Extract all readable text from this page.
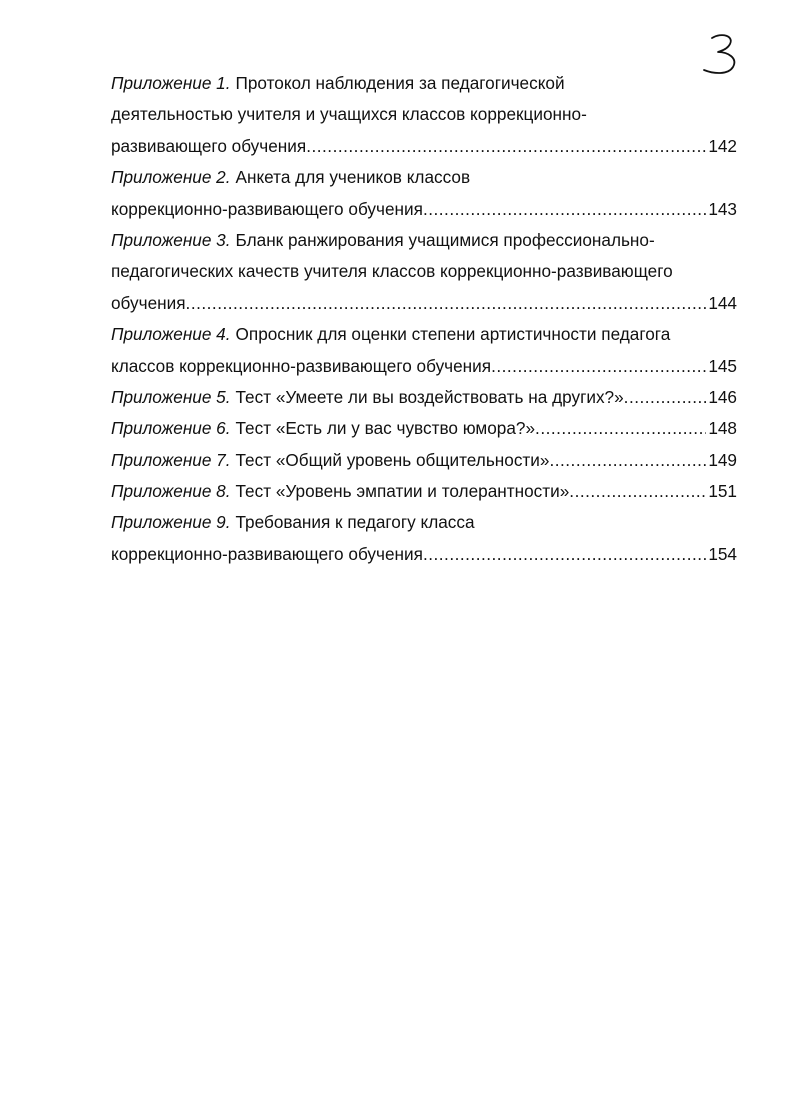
Приложение 1. Протокол наблюдения за педагогической
деятельностью учителя и учащихся классов коррекционно-
развивающего обучения .....	142
Приложение 2. Анкета для учеников классов
коррекционно-развивающего обучения .....	143
Приложение 3. Бланк ранжирования учащимися профессионально-
педагогических качеств учителя классов коррекционно-развивающего
обучения .....	144
Приложение 4. Опросник для оценки степени артистичности педагога
классов коррекционно-развивающего обучения .....	145
Приложение 5. Тест «Умеете ли вы воздействовать на других?» .....	146
Приложение 6. Тест «Есть ли у вас чувство юмора?» .....	148
Приложение 7. Тест «Общий уровень общительности» .....	149
Приложение 8. Тест «Уровень эмпатии и толерантности» .....	151
Приложение 9. Требования к педагогу класса
коррекционно-развивающего обучения .....	154
